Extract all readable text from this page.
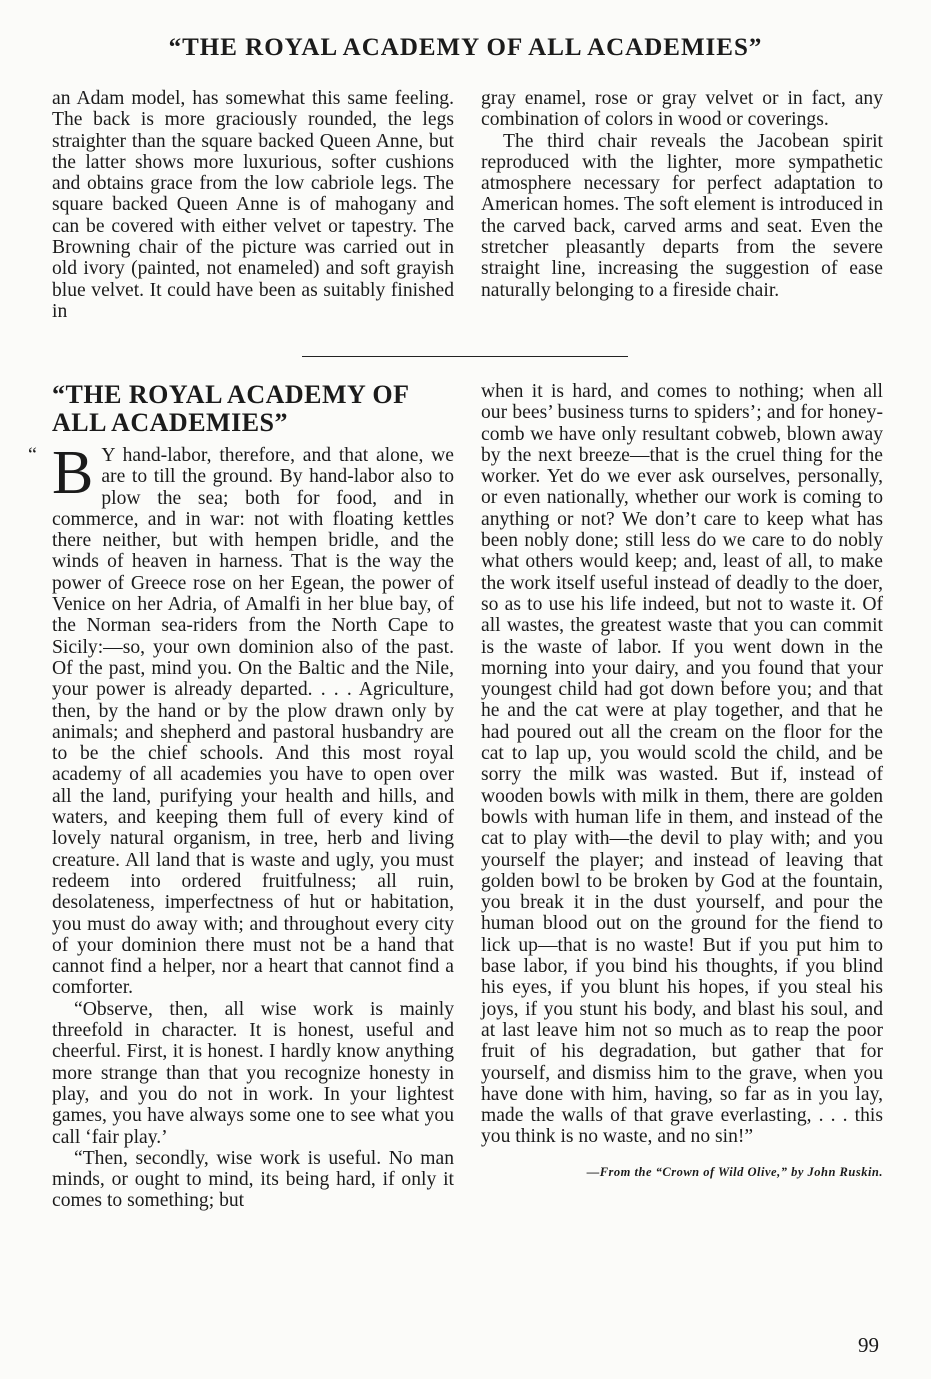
“THE ROYAL ACADEMY OF ALL ACADEMIES”

an Adam model, has somewhat this same feeling. The back is more graciously rounded, the legs straighter than the square backed Queen Anne, but the latter shows more luxurious, softer cushions and obtains grace from the low cabriole legs. The square backed Queen Anne is of mahogany and can be covered with either velvet or tapestry. The Browning chair of the picture was carried out in old ivory (painted, not enameled) and soft grayish blue velvet. It could have been as suitably finished in

gray enamel, rose or gray velvet or in fact, any combination of colors in wood or coverings.

The third chair reveals the Jacobean spirit reproduced with the lighter, more sympathetic atmosphere necessary for perfect adaptation to American homes. The soft element is introduced in the carved back, carved arms and seat. Even the stretcher pleasantly departs from the severe straight line, increasing the suggestion of ease naturally belonging to a fireside chair.

“THE ROYAL ACADEMY OF ALL ACADEMIES”
“ B Y hand-labor, therefore, and that alone, we are to till the ground. By hand-labor also to plow the sea; both for food, and in commerce, and in war: not with floating kettles there neither, but with hempen bridle, and the winds of heaven in harness. That is the way the power of Greece rose on her Egean, the power of Venice on her Adria, of Amalfi in her blue bay, of the Norman sea-riders from the North Cape to Sicily:—so, your own dominion also of the past. Of the past, mind you. On the Baltic and the Nile, your power is already departed. . . . Agriculture, then, by the hand or by the plow drawn only by animals; and shepherd and pastoral husbandry are to be the chief schools. And this most royal academy of all academies you have to open over all the land, purifying your health and hills, and waters, and keeping them full of every kind of lovely natural organism, in tree, herb and living creature. All land that is waste and ugly, you must redeem into ordered fruitfulness; all ruin, desolateness, imperfectness of hut or habitation, you must do away with; and throughout every city of your dominion there must not be a hand that cannot find a helper, nor a heart that cannot find a comforter.

“Observe, then, all wise work is mainly threefold in character. It is honest, useful and cheerful. First, it is honest. I hardly know anything more strange than that you recognize honesty in play, and you do not in work. In your lightest games, you have always some one to see what you call ‘fair play.’

“Then, secondly, wise work is useful. No man minds, or ought to mind, its being hard, if only it comes to something; but

when it is hard, and comes to nothing; when all our bees’ business turns to spiders’; and for honey-comb we have only resultant cobweb, blown away by the next breeze—that is the cruel thing for the worker. Yet do we ever ask ourselves, personally, or even nationally, whether our work is coming to anything or not? We don’t care to keep what has been nobly done; still less do we care to do nobly what others would keep; and, least of all, to make the work itself useful instead of deadly to the doer, so as to use his life indeed, but not to waste it. Of all wastes, the greatest waste that you can commit is the waste of labor. If you went down in the morning into your dairy, and you found that your youngest child had got down before you; and that he and the cat were at play together, and that he had poured out all the cream on the floor for the cat to lap up, you would scold the child, and be sorry the milk was wasted. But if, instead of wooden bowls with milk in them, there are golden bowls with human life in them, and instead of the cat to play with—the devil to play with; and you yourself the player; and instead of leaving that golden bowl to be broken by God at the fountain, you break it in the dust yourself, and pour the human blood out on the ground for the fiend to lick up—that is no waste! But if you put him to base labor, if you bind his thoughts, if you blind his eyes, if you blunt his hopes, if you steal his joys, if you stunt his body, and blast his soul, and at last leave him not so much as to reap the poor fruit of his degradation, but gather that for yourself, and dismiss him to the grave, when you have done with him, having, so far as in you lay, made the walls of that grave everlasting, . . . this you think is no waste, and no sin!”

—From the “Crown of Wild Olive,” by John Ruskin.
99
